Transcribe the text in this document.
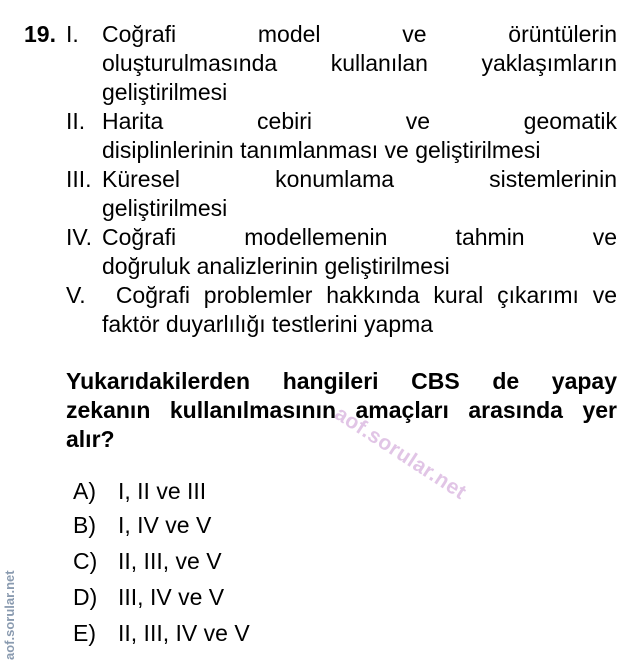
19. I. Coğrafi model ve örüntülerin
oluşturulmasında kullanılan yaklaşımların
geliştirilmesi
II. Harita cebiri ve geomatik
disiplinlerinin tanımlanması ve geliştirilmesi
III. Küresel konumlama sistemlerinin
geliştirilmesi
IV. Coğrafi modellemenin tahmin ve
doğruluk analizlerinin geliştirilmesi
V. Coğrafi problemler hakkında kural çıkarımı ve
faktör duyarlılığı testlerini yapma
Yukarıdakilerden hangileri CBS de yapay
zekanın kullanılmasının amaçları arasında yer
alır?
A) I, II ve III
B) I, IV ve V
C) II, III, ve V
D) III, IV ve V
E) II, III, IV ve V
aof.sorular.net
aof.sorular.net
